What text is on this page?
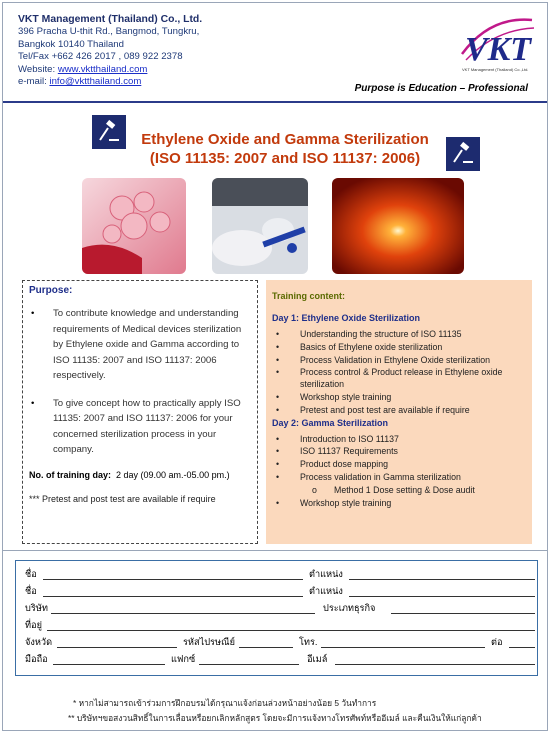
VKT Management (Thailand) Co., Ltd.
396 Pracha U-thit Rd., Bangmod, Tungkru,
Bangkok 10140 Thailand
Tel/Fax +662 426 2017 , 089 922 2378
Website: www.vktthailand.com
e-mail: info@vktthailand.com
VKT
VKT Management (Thailand) Co.,Ltd.
Purpose is Education – Professional
Ethylene Oxide and Gamma Sterilization
(ISO 11135: 2007 and ISO 11137: 2006)
Purpose:
• To contribute knowledge and understanding requirements of Medical devices sterilization by Ethylene oxide and Gamma according to ISO 11135: 2007 and ISO 11137: 2006 respectively.
• To give concept how to practically apply ISO 11135: 2007 and ISO 11137: 2006 for your concerned sterilization process in your company.
No. of training day: 2 day (09.00 am.-05.00 pm.)
*** Pretest and post test are available if require
Training content:
Day 1: Ethylene Oxide Sterilization
• Understanding the structure of ISO 11135
• Basics of Ethylene oxide sterilization
• Process Validation in Ethylene Oxide sterilization
• Process control & Product release in Ethylene oxide sterilization
• Workshop style training
• Pretest and post test are available if require
Day 2: Gamma Sterilization
• Introduction to ISO 11137
• ISO 11137 Requirements
• Product dose mapping
• Process validation in Gamma sterilization
o Method 1 Dose setting & Dose audit
• Workshop style training
ชื่อ	ตำแหน่ง
ชื่อ	ตำแหน่ง
บริษัท	ประเภทธุรกิจ
ที่อยู่
จังหวัด	รหัสไปรษณีย์	โทร.	ต่อ
มือถือ	แฟกซ์	อีเมล์
* หากไม่สามารถเข้าร่วมการฝึกอบรมได้กรุณาแจ้งก่อนล่วงหน้าอย่างน้อย 5 วันทำการ
** บริษัทฯขอสงวนสิทธิ์ในการเลื่อนหรือยกเลิกหลักสูตร โดยจะมีการแจ้งทางโทรศัพท์หรืออีเมล์ และคืนเงินให้แก่ลูกค้า
